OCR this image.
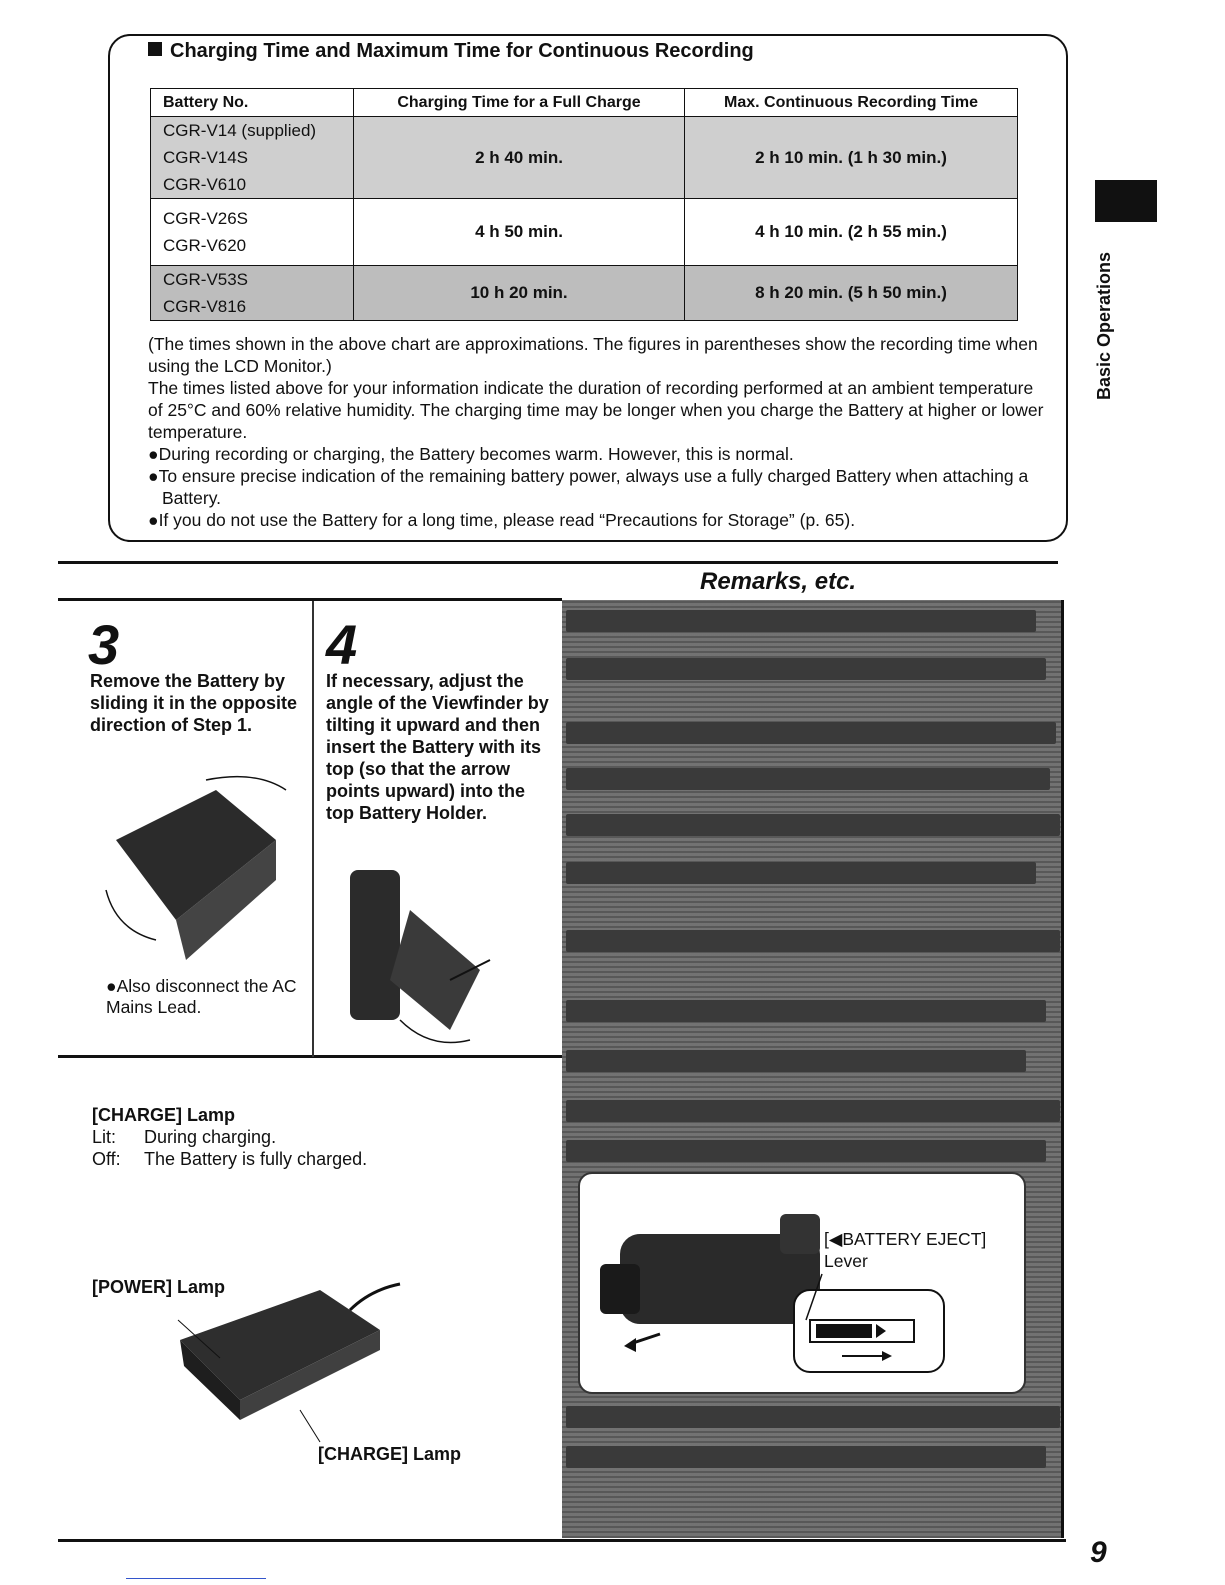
Charging Time and Maximum Time for Continuous Recording
Battery No.	Charging Time for a Full Charge	Max. Continuous Recording Time

CGR-V14 (supplied)
CGR-V14S
CGR-V610	2 h 40 min.	2 h 10 min. (1 h 30 min.)

CGR-V26S
CGR-V620	4 h 50 min.	4 h 10 min. (2 h 55 min.)

CGR-V53S
CGR-V816	10 h 20 min.	8 h 20 min. (5 h 50 min.)

(The times shown in the above chart are approximations. The figures in parentheses show the recording time when using the LCD Monitor.)

The times listed above for your information indicate the duration of recording performed at an ambient temperature of 25°C and 60% relative humidity. The charging time may be longer when you charge the Battery at higher or lower temperature.

●During recording or charging, the Battery becomes warm. However, this is normal.

●To ensure precise indication of the remaining battery power, always use a fully charged Battery when attaching a Battery.

●If you do not use the Battery for a long time, please read “Precautions for Storage” (p. 65).

Basic Operations
Remarks, etc.
[◀BATTERY EJECT]
Lever
3
Remove the Battery by sliding it in the opposite direction of Step 1.
●Also disconnect the AC Mains Lead.
4
If necessary, adjust the angle of the Viewfinder by tilting it upward and then insert the Battery with its top (so that the arrow points upward) into the top Battery Holder.
[CHARGE] Lamp
Lit: During charging.
Off: The Battery is fully charged.
[POWER] Lamp
[CHARGE] Lamp
9
